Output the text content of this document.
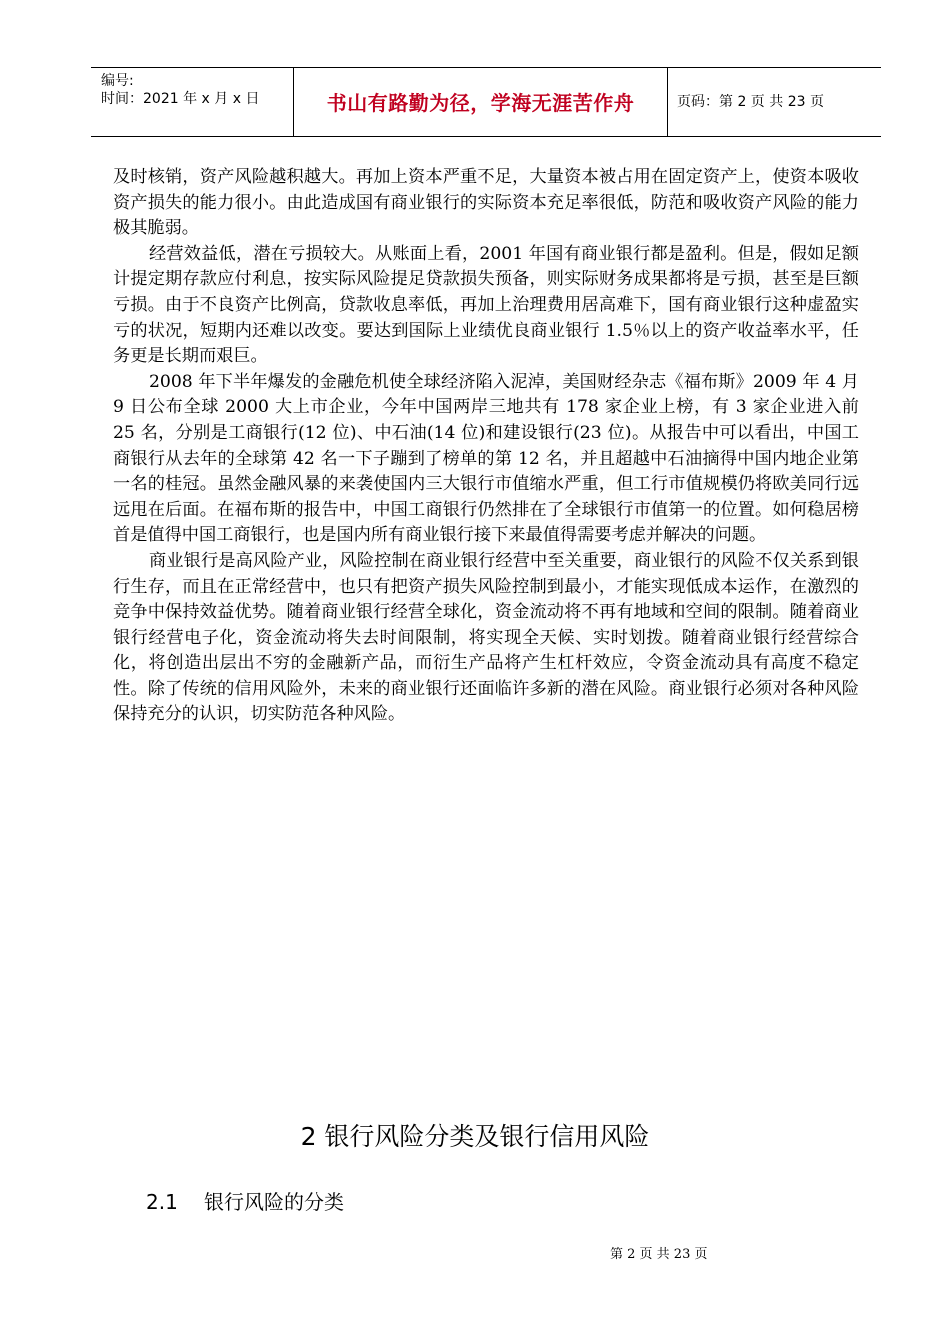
编号:
时间：2021 年 x 月 x 日	书山有路勤为径，学海无涯苦作舟	页码：第 2 页 共 23 页

及时核销，资产风险越积越大。再加上资本严重不足，大量资本被占用在固定资产上，使资本吸收资产损失的能力很小。由此造成国有商业银行的实际资本充足率很低，防范和吸收资产风险的能力极其脆弱。

经营效益低，潜在亏损较大。从账面上看，2001 年国有商业银行都是盈利。但是，假如足额计提定期存款应付利息，按实际风险提足贷款损失预备，则实际财务成果都将是亏损，甚至是巨额亏损。由于不良资产比例高，贷款收息率低，再加上治理费用居高难下，国有商业银行这种虚盈实亏的状况，短期内还难以改变。要达到国际上业绩优良商业银行 1.5％以上的资产收益率水平，任务更是长期而艰巨。

2008 年下半年爆发的金融危机使全球经济陷入泥淖，美国财经杂志《福布斯》2009 年 4 月 9 日公布全球 2000 大上市企业，今年中国两岸三地共有 178 家企业上榜，有 3 家企业进入前 25 名，分别是工商银行(12 位)、中石油(14 位)和建设银行(23 位)。从报告中可以看出，中国工商银行从去年的全球第 42 名一下子蹦到了榜单的第 12 名，并且超越中石油摘得中国内地企业第一名的桂冠。虽然金融风暴的来袭使国内三大银行市值缩水严重，但工行市值规模仍将欧美同行远远甩在后面。在福布斯的报告中，中国工商银行仍然排在了全球银行市值第一的位置。如何稳居榜首是值得中国工商银行，也是国内所有商业银行接下来最值得需要考虑并解决的问题。

商业银行是高风险产业，风险控制在商业银行经营中至关重要，商业银行的风险不仅关系到银行生存，而且在正常经营中，也只有把资产损失风险控制到最小，才能实现低成本运作，在激烈的竞争中保持效益优势。随着商业银行经营全球化，资金流动将不再有地域和空间的限制。随着商业银行经营电子化，资金流动将失去时间限制，将实现全天候、实时划拨。随着商业银行经营综合化，将创造出层出不穷的金融新产品，而衍生产品将产生杠杆效应，令资金流动具有高度不稳定性。除了传统的信用风险外，未来的商业银行还面临许多新的潜在风险。商业银行必须对各种风险保持充分的认识，切实防范各种风险。

2 银行风险分类及银行信用风险
2.1 银行风险的分类
第 2 页 共 23 页
